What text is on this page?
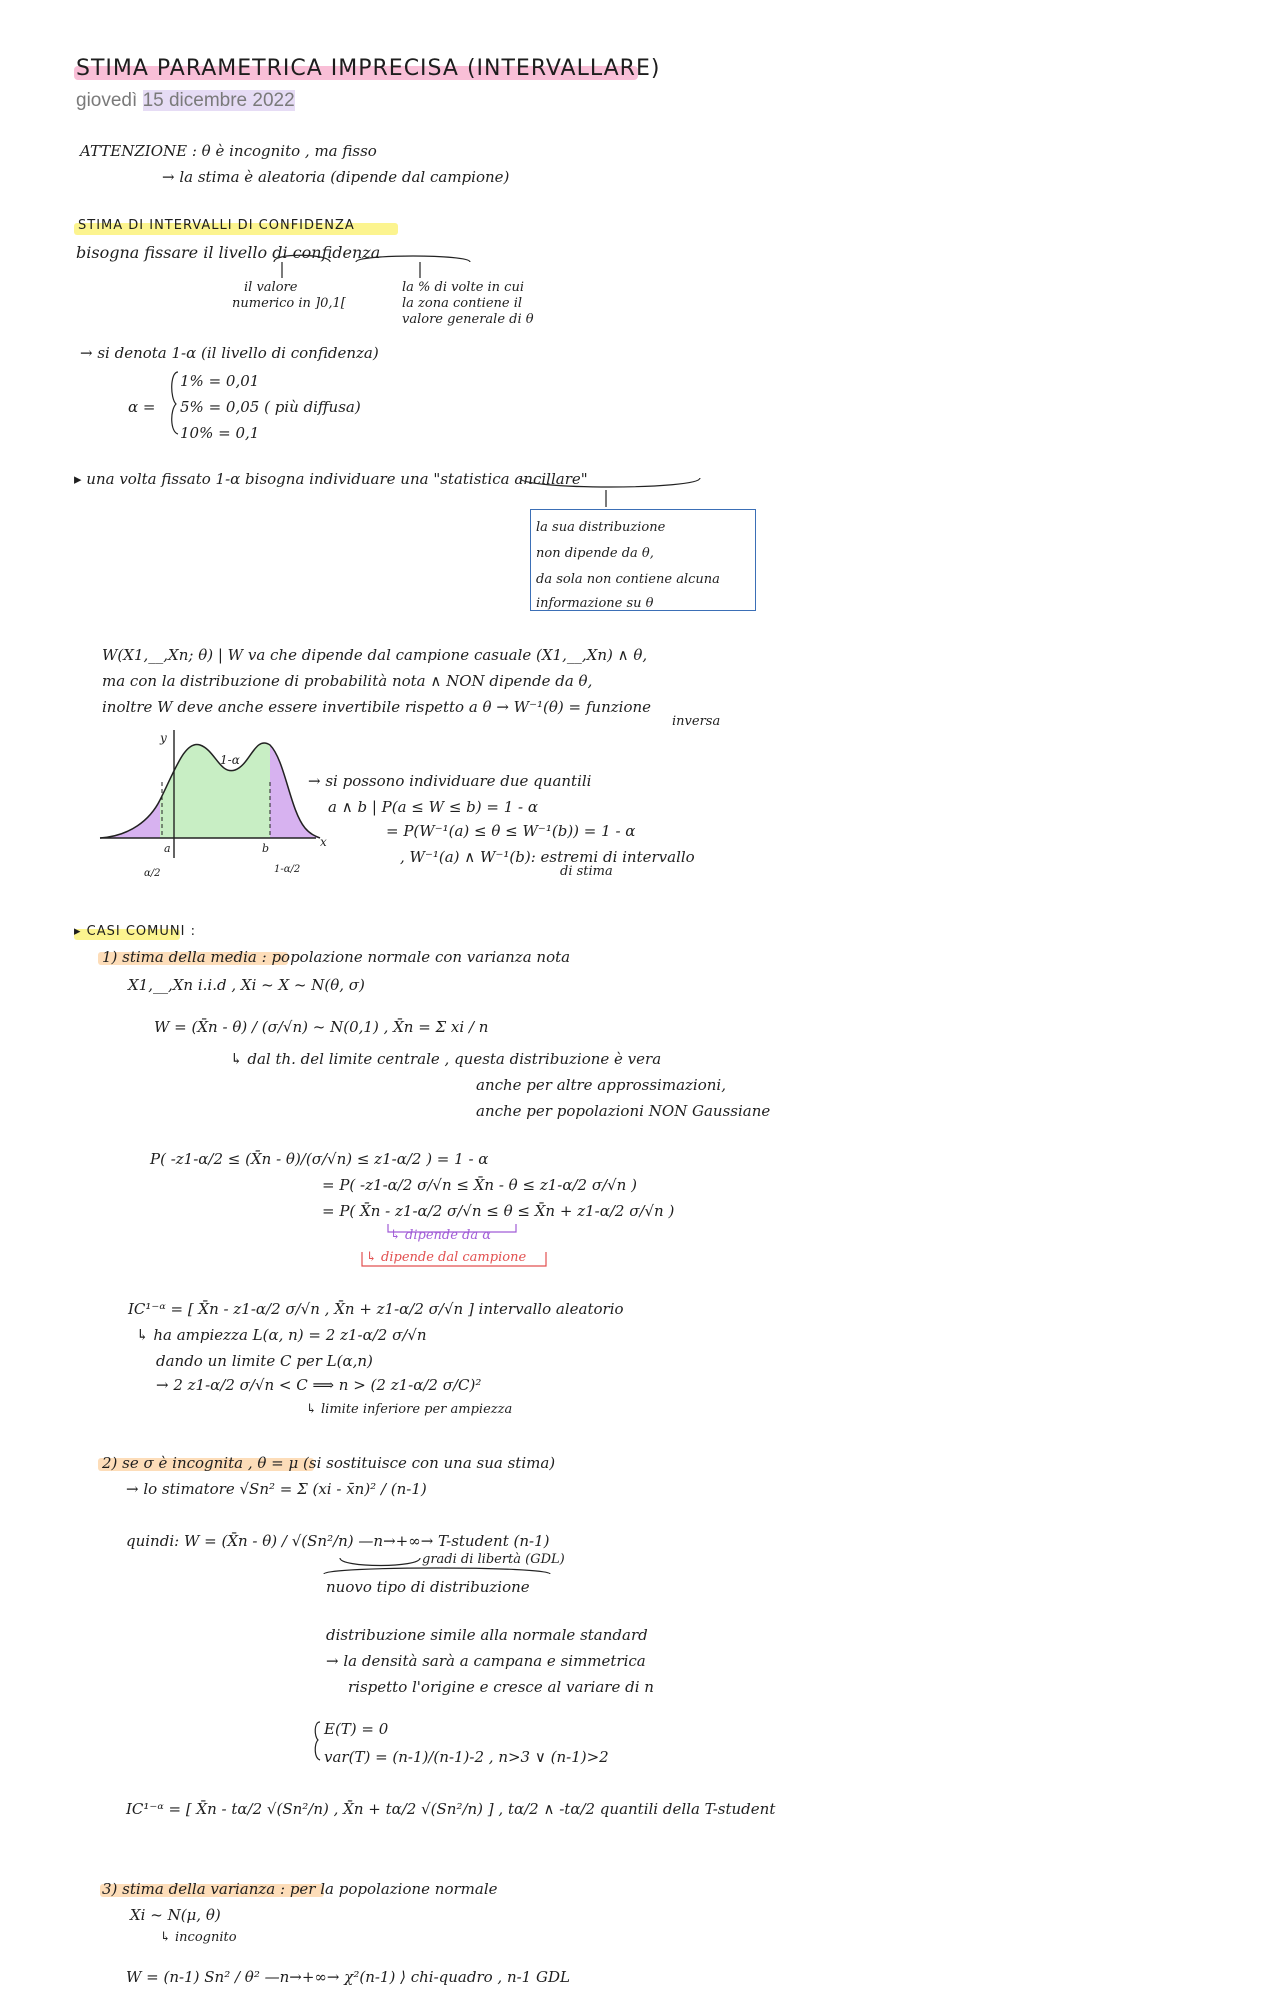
STIMA PARAMETRICA IMPRECISA (INTERVALLARE)
giovedì 15 dicembre 2022
ATTENZIONE : θ è incognito , ma fisso
→ la stima è aleatoria (dipende dal campione)
STIMA DI INTERVALLI DI CONFIDENZA
bisogna fissare il livello di confidenza
il valore
numerico in ]0,1[
la % di volte in cui
la zona contiene il
valore generale di θ
→ si denota 1-α (il livello di confidenza)
α =
1% = 0,01
5% = 0,05 ( più diffusa)
10% = 0,1
▸ una volta fissato 1-α bisogna individuare una "statistica ancillare"
la sua distribuzione
non dipende da θ,
da sola non contiene alcuna
informazione su θ
W(X1,__,Xn; θ) | W va che dipende dal campione casuale (X1,__,Xn) ∧ θ,
ma con la distribuzione di probabilità nota ∧ NON dipende da θ,
inoltre W deve anche essere invertibile rispetto a θ → W⁻¹(θ) = funzione
inversa
y
1-α
x
a	b
α/2	1-α/2
→ si possono individuare due quantili
a ∧ b | P(a ≤ W ≤ b) = 1 - α
= P(W⁻¹(a) ≤ θ ≤ W⁻¹(b)) = 1 - α
, W⁻¹(a) ∧ W⁻¹(b): estremi di intervallo
di stima
▸ CASI COMUNI :
1) stima della media : popolazione normale con varianza nota
X1,__,Xn i.i.d , Xi ~ X ~ N(θ, σ)
W = (X̄n - θ) / (σ/√n) ~ N(0,1) , X̄n = Σ xi / n
↳ dal th. del limite centrale , questa distribuzione è vera
anche per altre approssimazioni,
anche per popolazioni NON Gaussiane
P( -z1-α/2 ≤ (X̄n - θ)/(σ/√n) ≤ z1-α/2 ) = 1 - α
= P( -z1-α/2 σ/√n ≤ X̄n - θ ≤ z1-α/2 σ/√n )
= P( X̄n - z1-α/2 σ/√n ≤ θ ≤ X̄n + z1-α/2 σ/√n )
↳ dipende da α
↳ dipende dal campione
IC¹⁻ᵅ = [ X̄n - z1-α/2 σ/√n , X̄n + z1-α/2 σ/√n ] intervallo aleatorio
↳ ha ampiezza L(α, n) = 2 z1-α/2 σ/√n
dando un limite C per L(α,n)
→ 2 z1-α/2 σ/√n < C ⟹ n > (2 z1-α/2 σ/C)²
↳ limite inferiore per ampiezza
2) se σ è incognita , θ = μ (si sostituisce con una sua stima)
→ lo stimatore √Sn² = Σ (xi - x̄n)² / (n-1)
quindi: W = (X̄n - θ) / √(Sn²/n) —n→+∞→ T-student (n-1)
gradi di libertà (GDL)
nuovo tipo di distribuzione
distribuzione simile alla normale standard
→ la densità sarà a campana e simmetrica
rispetto l'origine e cresce al variare di n
E(T) = 0
var(T) = (n-1)/(n-1)-2 , n>3 ∨ (n-1)>2
IC¹⁻ᵅ = [ X̄n - tα/2 √(Sn²/n) , X̄n + tα/2 √(Sn²/n) ] , tα/2 ∧ -tα/2 quantili della T-student
3) stima della varianza : per la popolazione normale
Xi ~ N(μ, θ)
↳ incognito
W = (n-1) Sn² / θ² —n→+∞→ χ²(n-1) ⟩ chi-quadro , n-1 GDL
